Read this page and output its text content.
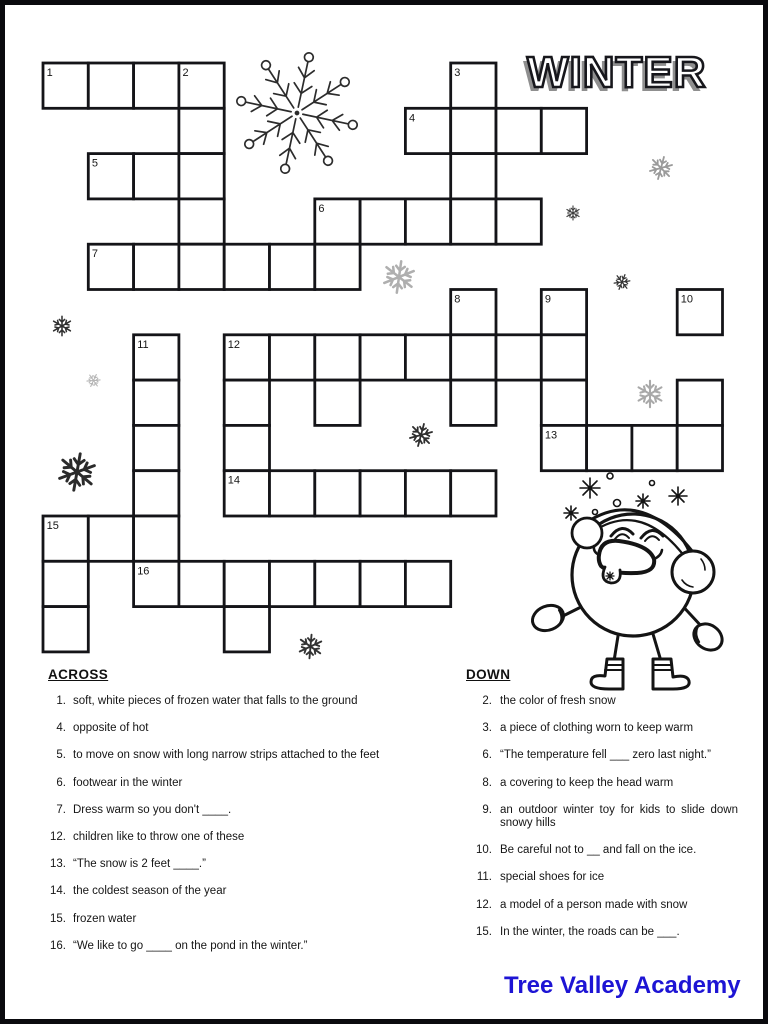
WINTER
1	2	3
4
5
6
7
8	9	10
11	12
13
14
15
16
ACROSS
1. soft, white pieces of frozen water that falls to the ground
4. opposite of hot
5. to move on snow with long narrow strips attached to the feet
6. footwear in the winter
7. Dress warm so you don't ____.
12. children like to throw one of these
13. “The snow is 2 feet ____.”
14. the coldest season of the year
15. frozen water
16. “We like to go ____ on the pond in the winter.”
DOWN
2. the color of fresh snow
3. a piece of clothing worn to keep warm
6. “The temperature fell ___ zero last night.”
8. a covering to keep the head warm
9. an outdoor winter toy for kids to slide down snowy hills
10. Be careful not to __ and fall on the ice.
11. special shoes for ice
12. a model of a person made with snow
15. In the winter, the roads can be ___.

Tree Valley Academy
